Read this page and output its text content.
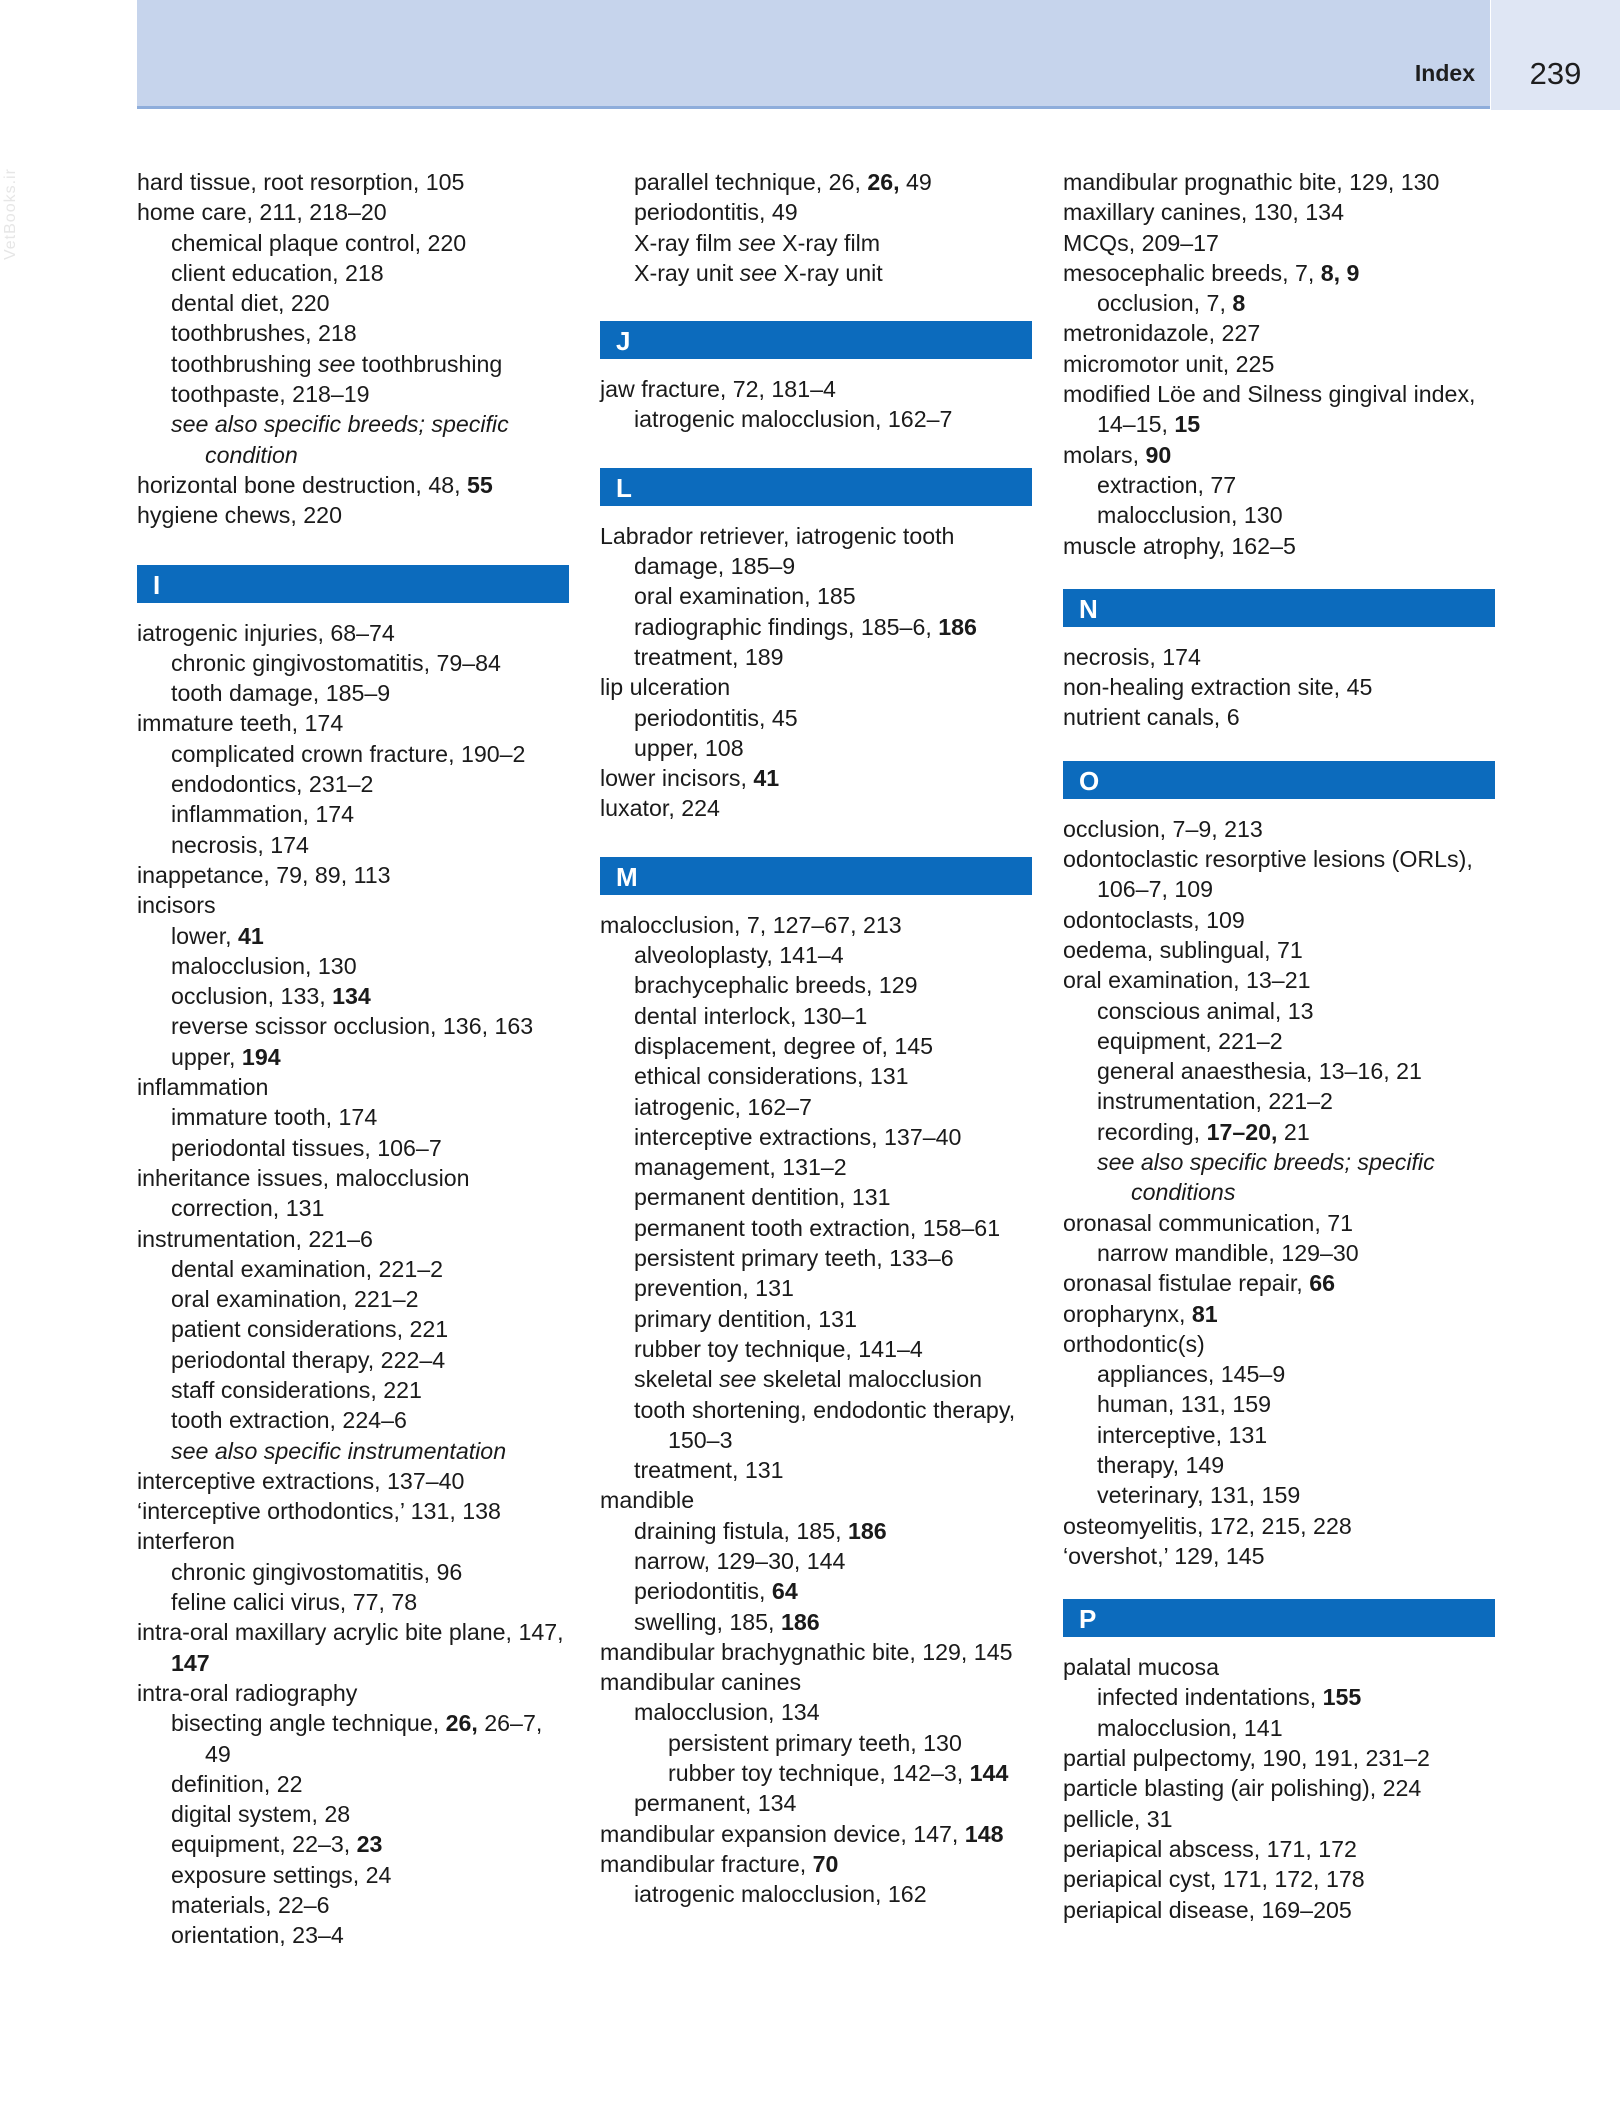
Index	239
VetBooks.ir	hard tissue, root resorption, 105
home care, 211, 218–20
chemical plaque control, 220
client education, 218
dental diet, 220
toothbrushes, 218
toothbrushing see toothbrushing
toothpaste, 218–19
see also specific breeds; specific condition
horizontal bone destruction, 48, 55
hygiene chews, 220
I
iatrogenic injuries, 68–74
chronic gingivostomatitis, 79–84
tooth damage, 185–9
immature teeth, 174
complicated crown fracture, 190–2
endodontics, 231–2
inflammation, 174
necrosis, 174
inappetance, 79, 89, 113
incisors
lower, 41
malocclusion, 130
occlusion, 133, 134
reverse scissor occlusion, 136, 163
upper, 194
inflammation
immature tooth, 174
periodontal tissues, 106–7
inheritance issues, malocclusion correction, 131
instrumentation, 221–6
dental examination, 221–2
oral examination, 221–2
patient considerations, 221
periodontal therapy, 222–4
staff considerations, 221
tooth extraction, 224–6
see also specific instrumentation
interceptive extractions, 137–40
‘interceptive orthodontics,’ 131, 138
interferon
chronic gingivostomatitis, 96
feline calici virus, 77, 78
intra-oral maxillary acrylic bite plane, 147, 147
intra-oral radiography
bisecting angle technique, 26, 26–7, 49
definition, 22
digital system, 28
equipment, 22–3, 23
exposure settings, 24
materials, 22–6
orientation, 23–4
parallel technique, 26, 26, 49
periodontitis, 49
X-ray film see X-ray film
X-ray unit see X-ray unit
J
jaw fracture, 72, 181–4
iatrogenic malocclusion, 162–7
L
Labrador retriever, iatrogenic tooth damage, 185–9
oral examination, 185
radiographic findings, 185–6, 186
treatment, 189
lip ulceration
periodontitis, 45
upper, 108
lower incisors, 41
luxator, 224
M
malocclusion, 7, 127–67, 213
alveoloplasty, 141–4
brachycephalic breeds, 129
dental interlock, 130–1
displacement, degree of, 145
ethical considerations, 131
iatrogenic, 162–7
interceptive extractions, 137–40
management, 131–2
permanent dentition, 131
permanent tooth extraction, 158–61
persistent primary teeth, 133–6
prevention, 131
primary dentition, 131
rubber toy technique, 141–4
skeletal see skeletal malocclusion
tooth shortening, endodontic therapy, 150–3
treatment, 131
mandible
draining fistula, 185, 186
narrow, 129–30, 144
periodontitis, 64
swelling, 185, 186
mandibular brachygnathic bite, 129, 145
mandibular canines
malocclusion, 134
persistent primary teeth, 130
rubber toy technique, 142–3, 144
permanent, 134
mandibular expansion device, 147, 148
mandibular fracture, 70
iatrogenic malocclusion, 162
mandibular prognathic bite, 129, 130
maxillary canines, 130, 134
MCQs, 209–17
mesocephalic breeds, 7, 8, 9
occlusion, 7, 8
metronidazole, 227
micromotor unit, 225
modified Löe and Silness gingival index, 14–15, 15
molars, 90
extraction, 77
malocclusion, 130
muscle atrophy, 162–5
N
necrosis, 174
non-healing extraction site, 45
nutrient canals, 6
O
occlusion, 7–9, 213
odontoclastic resorptive lesions (ORLs), 106–7, 109
odontoclasts, 109
oedema, sublingual, 71
oral examination, 13–21
conscious animal, 13
equipment, 221–2
general anaesthesia, 13–16, 21
instrumentation, 221–2
recording, 17–20, 21
see also specific breeds; specific conditions
oronasal communication, 71
narrow mandible, 129–30
oronasal fistulae repair, 66
oropharynx, 81
orthodontic(s)
appliances, 145–9
human, 131, 159
interceptive, 131
therapy, 149
veterinary, 131, 159
osteomyelitis, 172, 215, 228
‘overshot,’ 129, 145
P
palatal mucosa
infected indentations, 155
malocclusion, 141
partial pulpectomy, 190, 191, 231–2
particle blasting (air polishing), 224
pellicle, 31
periapical abscess, 171, 172
periapical cyst, 171, 172, 178
periapical disease, 169–205
